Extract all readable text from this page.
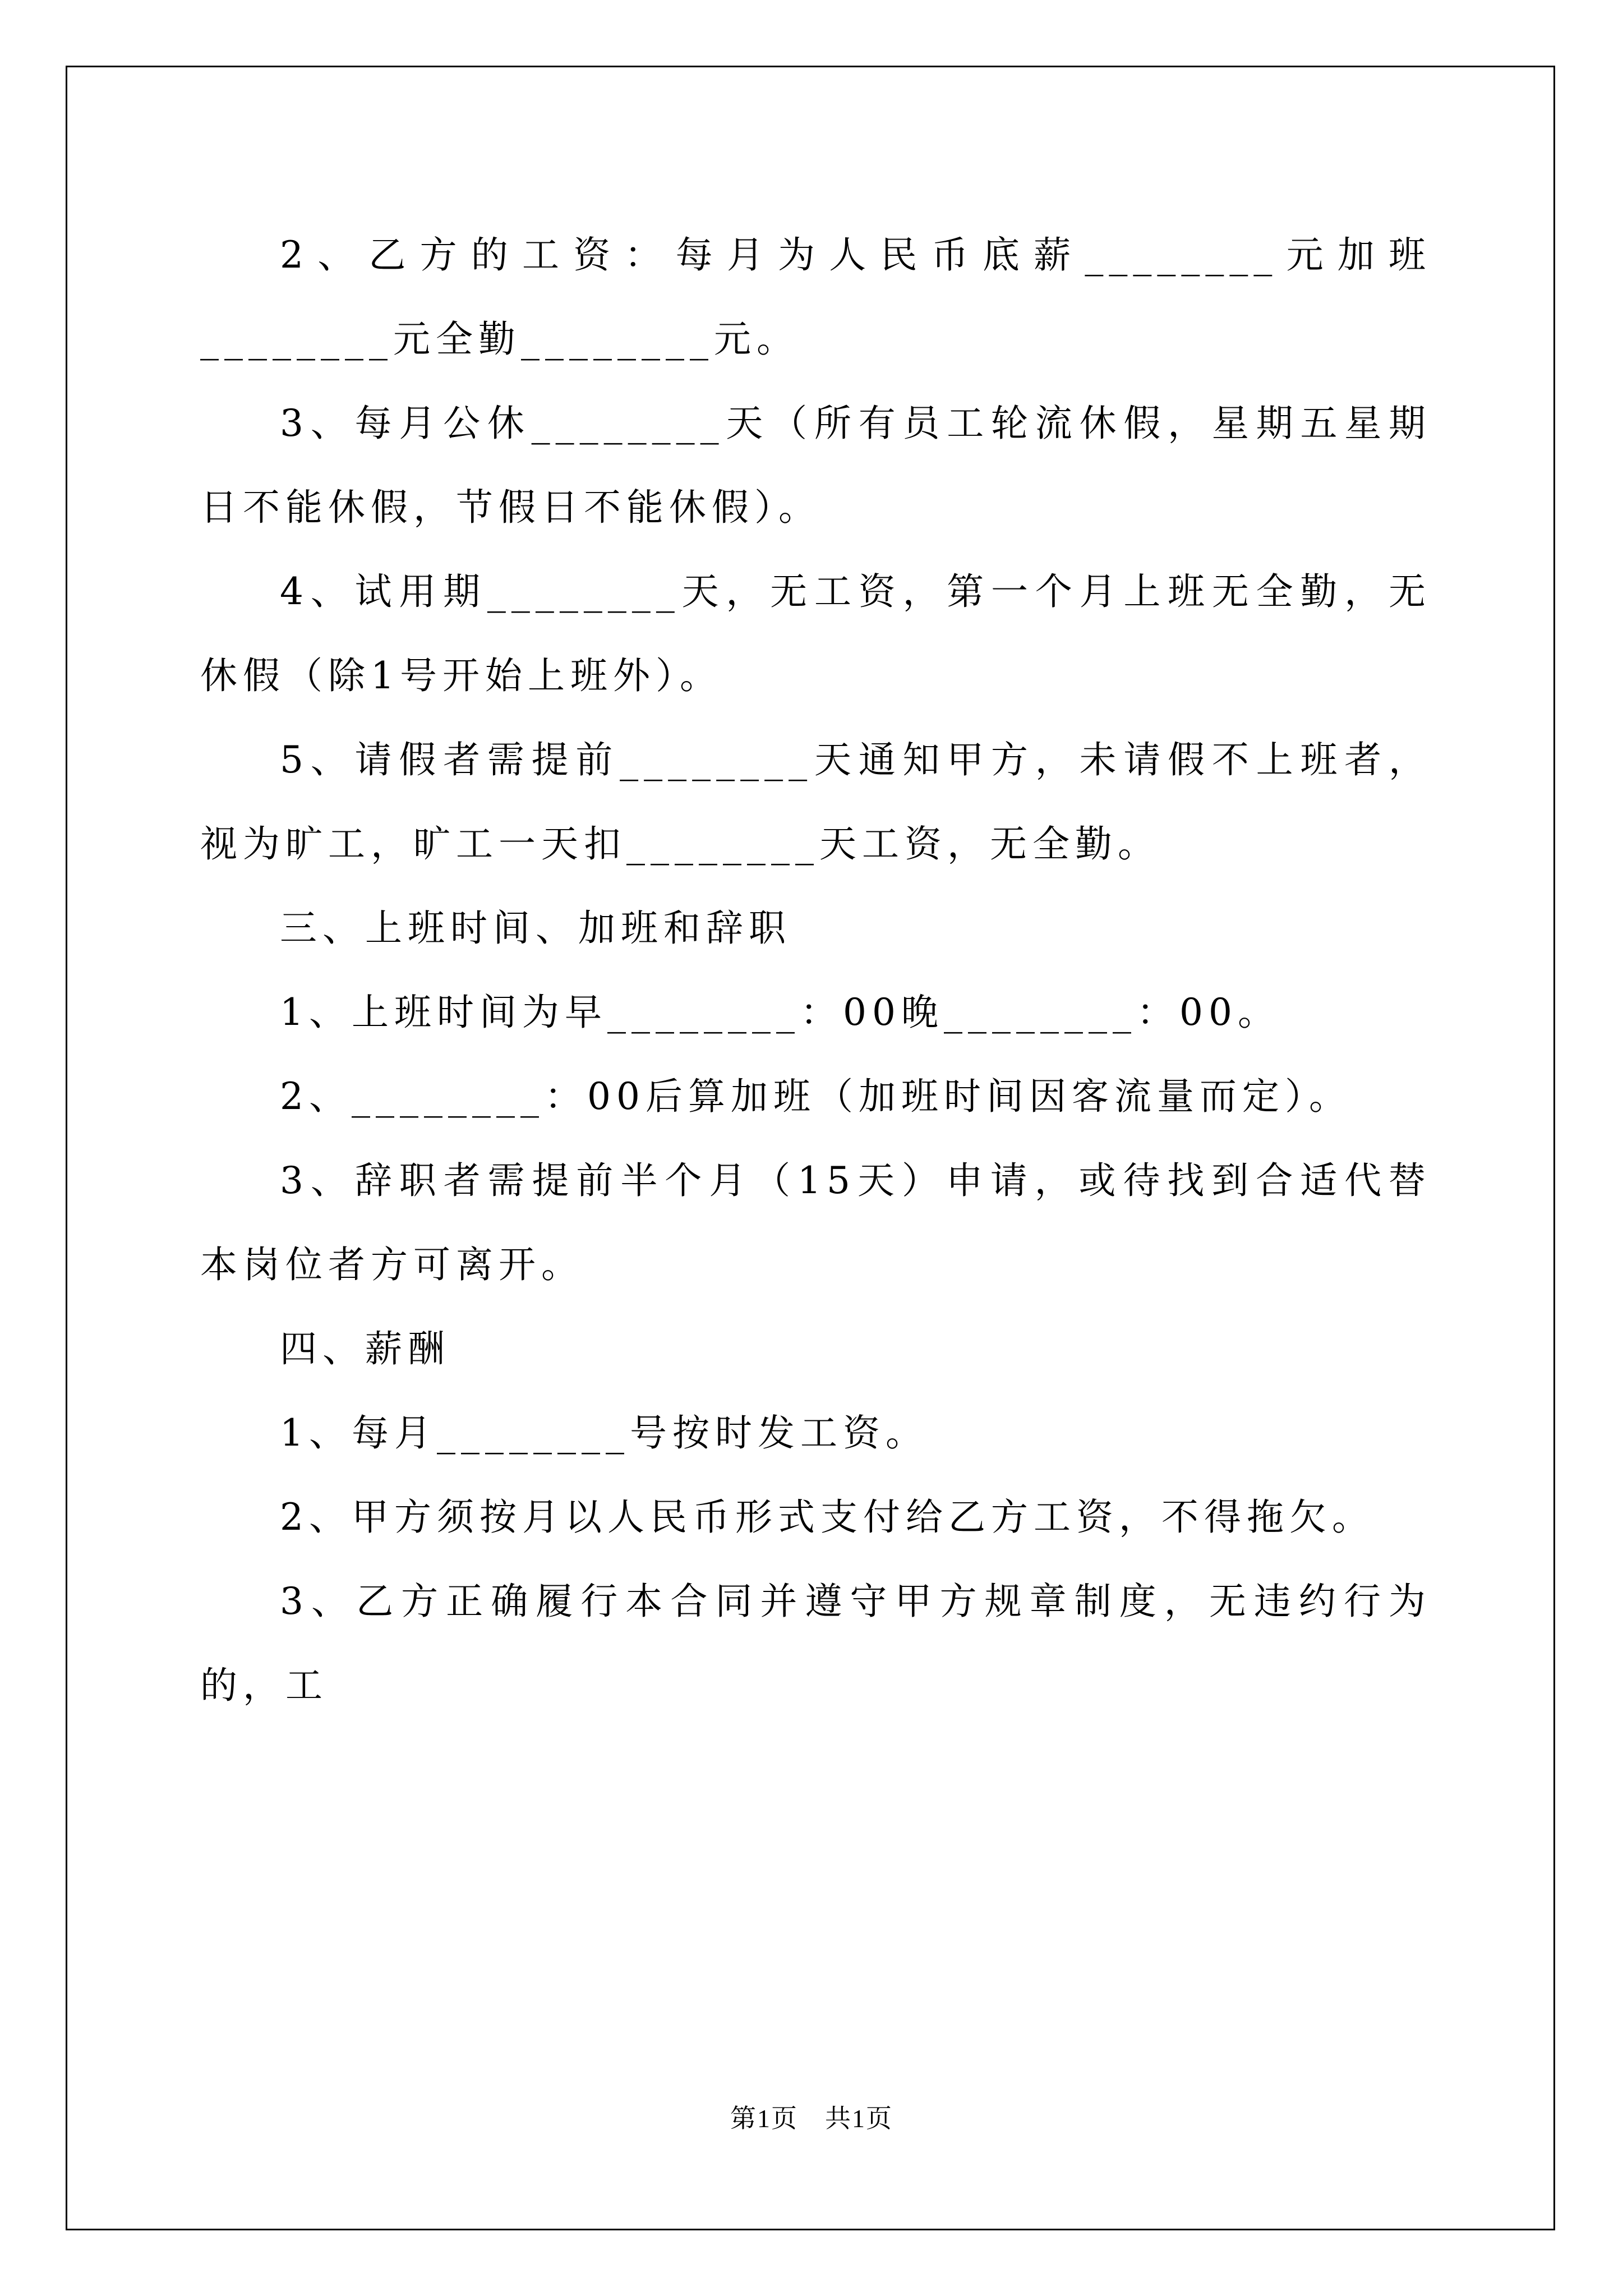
2、乙方的工资：每月为人民币底薪________元加班________元全勤________元。

3、每月公休________天（所有员工轮流休假，星期五星期日不能休假，节假日不能休假）。

4、试用期________天，无工资，第一个月上班无全勤，无休假（除1号开始上班外）。

5、请假者需提前________天通知甲方，未请假不上班者，视为旷工，旷工一天扣________天工资，无全勤。

三、上班时间、加班和辞职

1、上班时间为早________：00晚________：00。

2、________：00后算加班（加班时间因客流量而定）。

3、辞职者需提前半个月（15天）申请，或待找到合适代替本岗位者方可离开。

四、薪酬

1、每月________号按时发工资。

2、甲方须按月以人民币形式支付给乙方工资，不得拖欠。

3、乙方正确履行本合同并遵守甲方规章制度，无违约行为的，工

第1页　共1页
